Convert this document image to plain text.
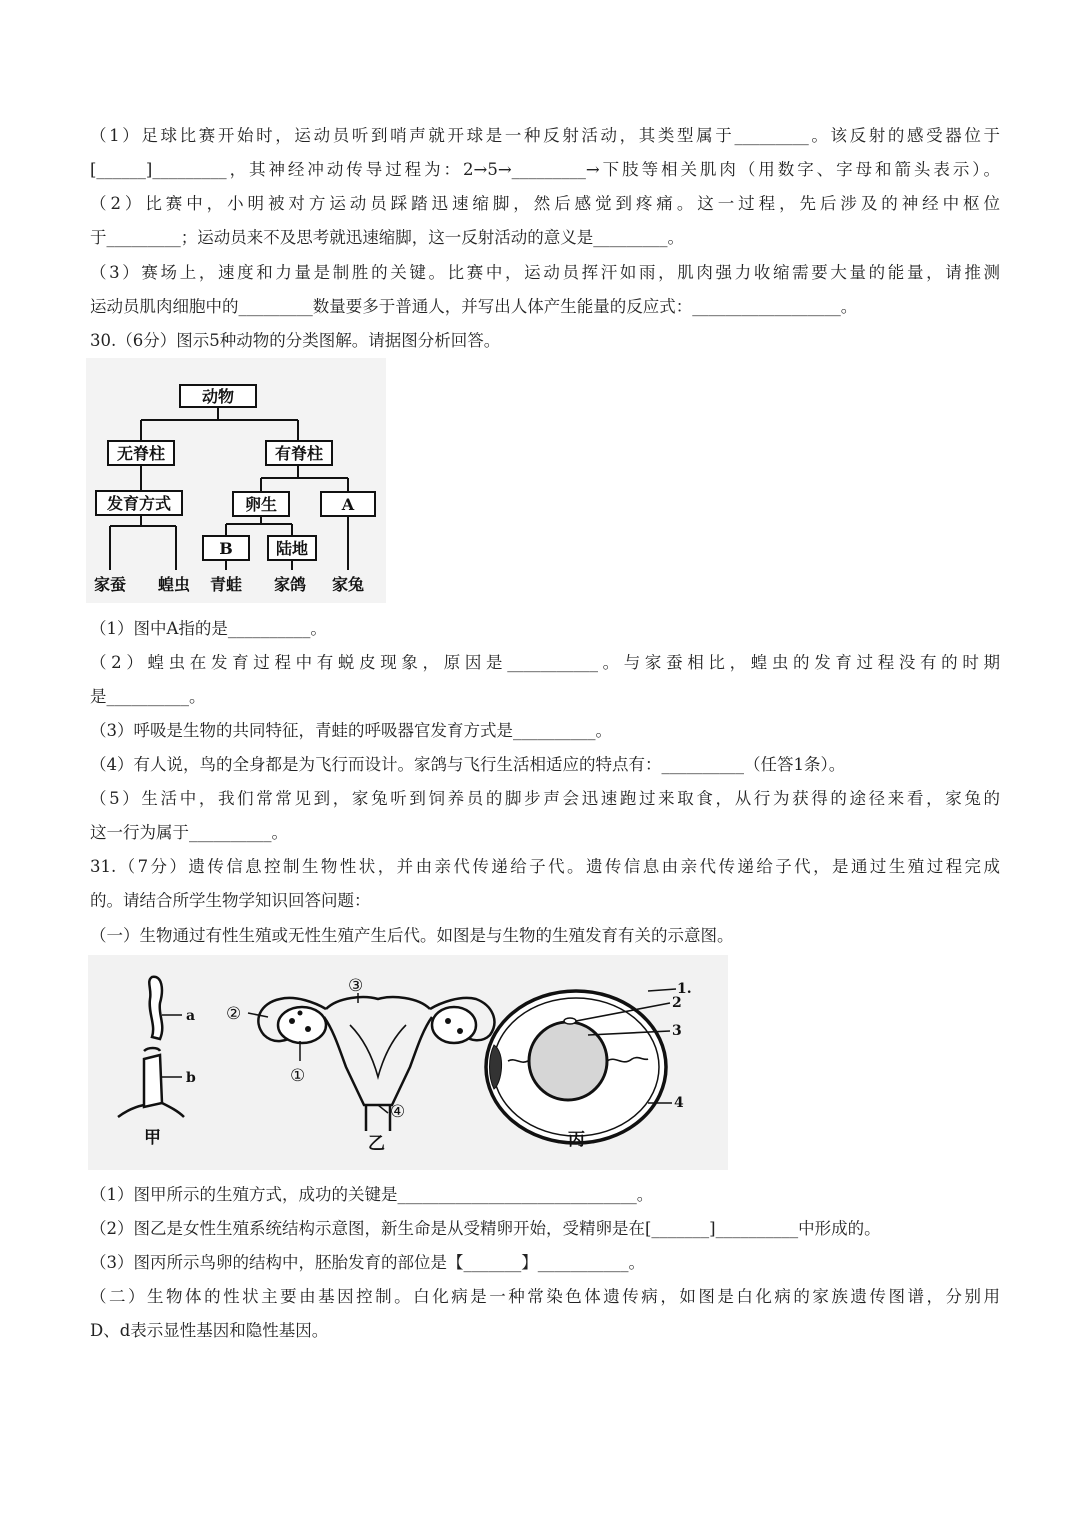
（1）足球比赛开始时，运动员听到哨声就开球是一种反射活动，其类型属于_________。该反射的感受器位于
[______]_________，其神经冲动传导过程为：2→5→_________→下肢等相关肌肉（用数字、字母和箭头表示）。
（2）比赛中，小明被对方运动员踩踏迅速缩脚，然后感觉到疼痛。这一过程，先后涉及的神经中枢位
于_________；运动员来不及思考就迅速缩脚，这一反射活动的意义是_________。
（3）赛场上，速度和力量是制胜的关键。比赛中，运动员挥汗如雨，肌肉强力收缩需要大量的能量，请推测
运动员肌肉细胞中的_________数量要多于普通人，并写出人体产生能量的反应式：__________________。
30.（6分）图示5种动物的分类图解。请据图分析回答。
动物
无脊柱	有脊柱
发育方式	卵生	A
B	陆地
家蚕 蝗虫 青蛙 家鸽 家兔
（1）图中A指的是__________。
（2）蝗虫在发育过程中有蜕皮现象，原因是___________。与家蚕相比，蝗虫的发育过程没有的时期
是__________。
（3）呼吸是生物的共同特征，青蛙的呼吸器官发育方式是__________。
（4）有人说，鸟的全身都是为飞行而设计。家鸽与飞行生活相适应的特点有：__________（任答1条）。
（5）生活中，我们常常见到，家兔听到饲养员的脚步声会迅速跑过来取食，从行为获得的途径来看，家兔的
这一行为属于__________。
31.（7分）遗传信息控制生物性状，并由亲代传递给子代。遗传信息由亲代传递给子代，是通过生殖过程完成
的。请结合所学生物学知识回答问题：
（一）生物通过有性生殖或无性生殖产生后代。如图是与生物的生殖发育有关的示意图。
a
b
甲
③
②
①
④
乙
1.
2
3
4
丙
（1）图甲所示的生殖方式，成功的关键是_____________________________。
（2）图乙是女性生殖系统结构示意图，新生命是从受精卵开始，受精卵是在[_______]__________中形成的。
（3）图丙所示鸟卵的结构中，胚胎发育的部位是【_______】___________。
（二）生物体的性状主要由基因控制。白化病是一种常染色体遗传病，如图是白化病的家族遗传图谱，分别用
D、d表示显性基因和隐性基因。
